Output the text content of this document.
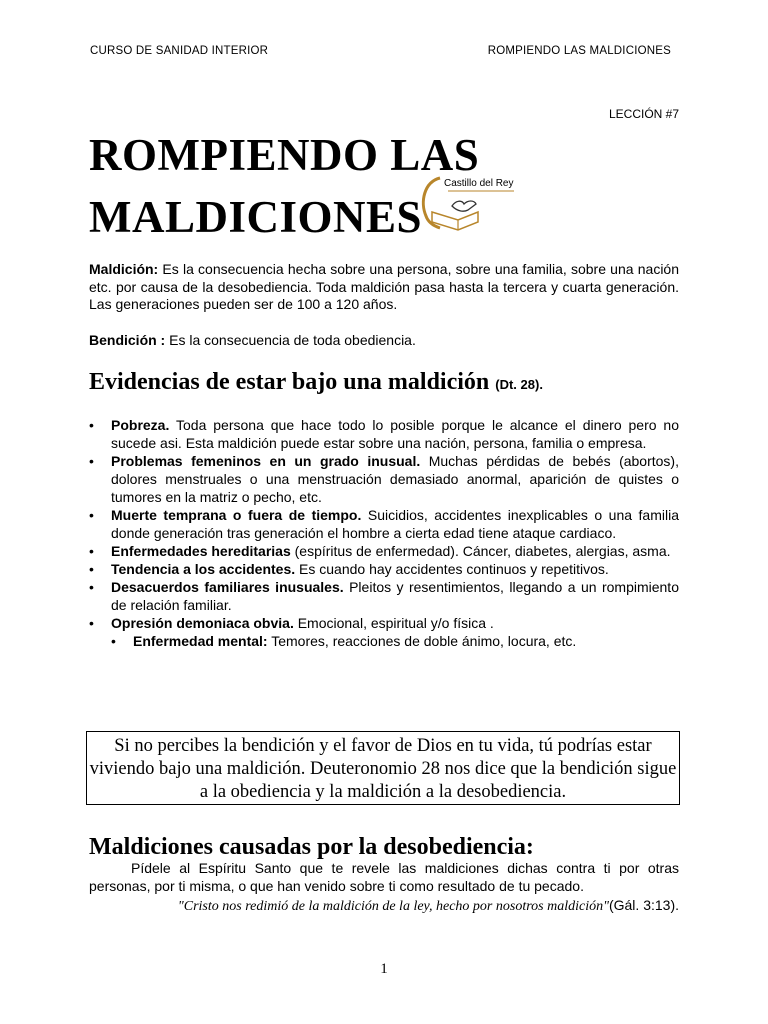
CURSO DE SANIDAD INTERIOR	ROMPIENDO LAS MALDICIONES
LECCIÓN #7
ROMPIENDO LAS
MALDICIONES
Castillo del Rey

Maldición: Es la consecuencia hecha sobre una persona, sobre una familia, sobre una nación etc. por causa de la desobediencia. Toda maldición pasa hasta la tercera y cuarta generación. Las generaciones pueden ser de 100 a 120 años.

Bendición : Es la consecuencia de toda obediencia.

Evidencias de estar bajo una maldición (Dt. 28).
• Pobreza. Toda persona que hace todo lo posible porque le alcance el dinero pero no sucede asi. Esta maldición puede estar sobre una nación, persona, familia o empresa.
• Problemas femeninos en un grado inusual. Muchas pérdidas de bebés (abortos), dolores menstruales o una menstruación demasiado anormal, aparición de quistes o tumores en la matriz o pecho, etc.
• Muerte temprana o fuera de tiempo. Suicidios, accidentes inexplicables o una familia donde generación tras generación el hombre a cierta edad tiene ataque cardiaco.
• Enfermedades hereditarias (espíritus de enfermedad). Cáncer, diabetes, alergias, asma.
• Tendencia a los accidentes. Es cuando hay accidentes continuos y repetitivos.
• Desacuerdos familiares inusuales. Pleitos y resentimientos, llegando a un rompimiento de relación familiar.
• Opresión demoniaca obvia. Emocional, espiritual y/o física .
• Enfermedad mental: Temores, reacciones de doble ánimo, locura, etc.
Si no percibes la bendición y el favor de Dios en tu vida, tú podrías estar viviendo bajo una maldición. Deuteronomio 28 nos dice que la bendición sigue a la obediencia y la maldición a la desobediencia.
Maldiciones causadas por la desobediencia:

Pídele al Espíritu Santo que te revele las maldiciones dichas contra ti por otras personas, por ti misma, o que han venido sobre ti como resultado de tu pecado.

"Cristo nos redimió de la maldición de la ley, hecho por nosotros maldición"(Gál. 3:13).
1
